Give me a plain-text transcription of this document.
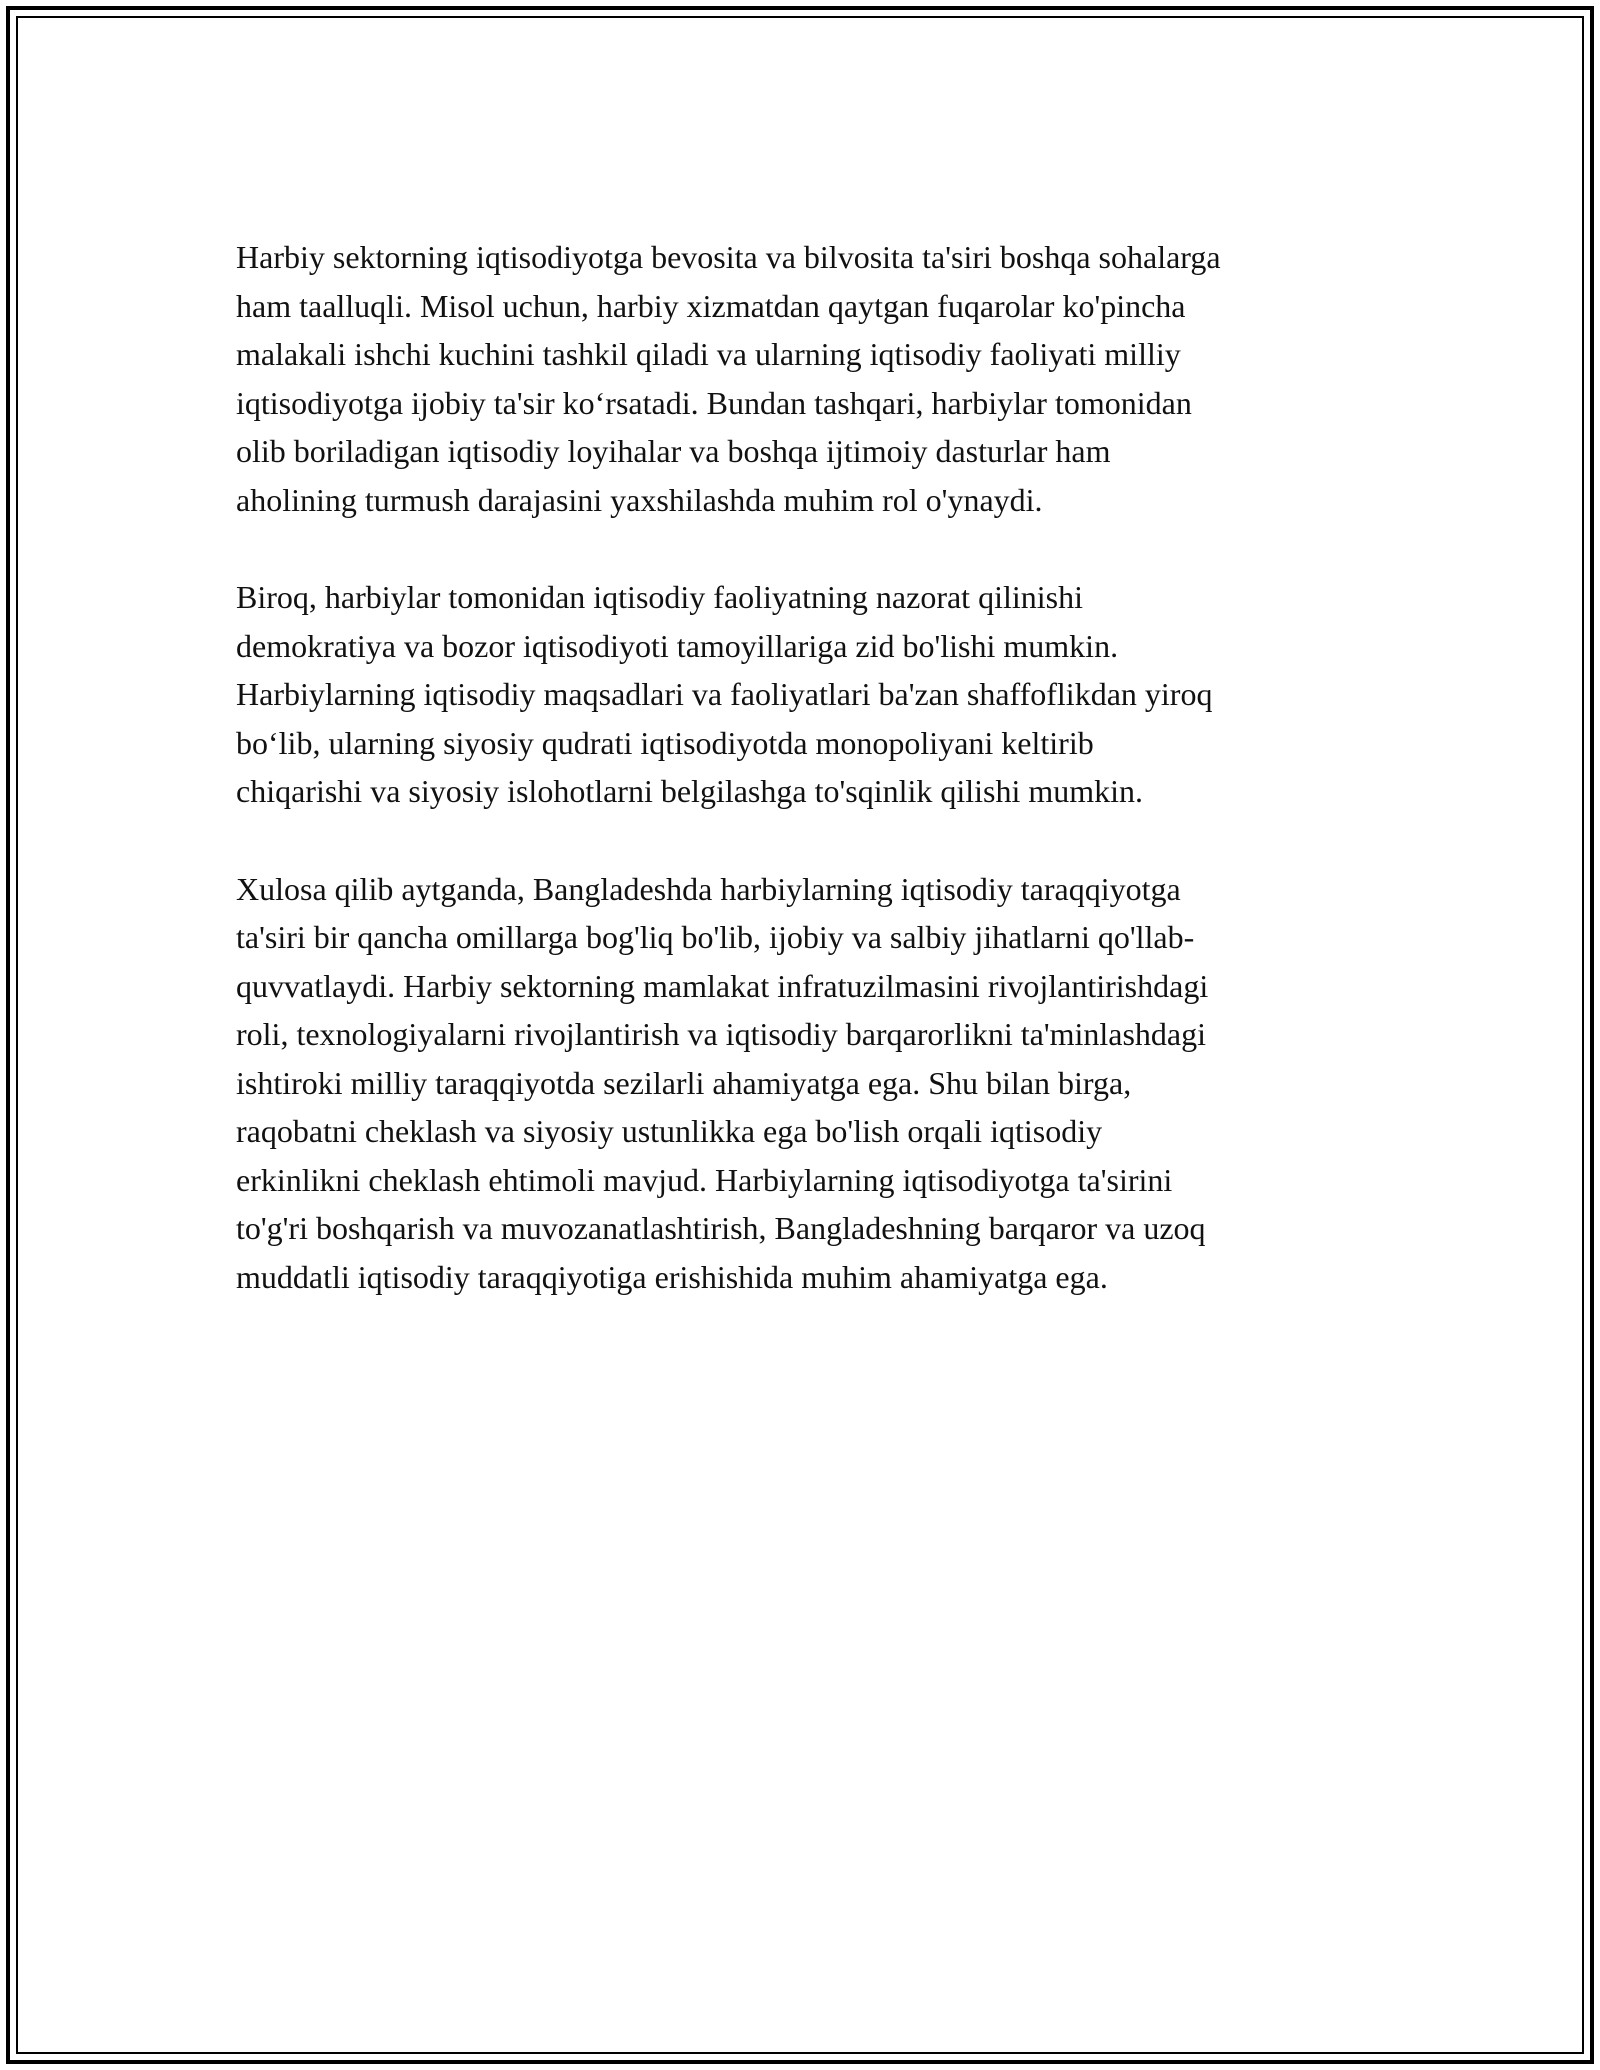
Harbiy sektorning iqtisodiyotga bevosita va bilvosita ta'siri boshqa sohalarga
ham taalluqli. Misol uchun, harbiy xizmatdan qaytgan fuqarolar ko'pincha
malakali ishchi kuchini tashkil qiladi va ularning iqtisodiy faoliyati milliy
iqtisodiyotga ijobiy ta'sir ko‘rsatadi. Bundan tashqari, harbiylar tomonidan
olib boriladigan iqtisodiy loyihalar va boshqa ijtimoiy dasturlar ham
aholining turmush darajasini yaxshilashda muhim rol o'ynaydi.

Biroq, harbiylar tomonidan iqtisodiy faoliyatning nazorat qilinishi
demokratiya va bozor iqtisodiyoti tamoyillariga zid bo'lishi mumkin.
Harbiylarning iqtisodiy maqsadlari va faoliyatlari ba'zan shaffoflikdan yiroq
bo‘lib, ularning siyosiy qudrati iqtisodiyotda monopoliyani keltirib
chiqarishi va siyosiy islohotlarni belgilashga to'sqinlik qilishi mumkin.

Xulosa qilib aytganda, Bangladeshda harbiylarning iqtisodiy taraqqiyotga
ta'siri bir qancha omillarga bog'liq bo'lib, ijobiy va salbiy jihatlarni qo'llab-
quvvatlaydi. Harbiy sektorning mamlakat infratuzilmasini rivojlantirishdagi
roli, texnologiyalarni rivojlantirish va iqtisodiy barqarorlikni ta'minlashdagi
ishtiroki milliy taraqqiyotda sezilarli ahamiyatga ega. Shu bilan birga,
raqobatni cheklash va siyosiy ustunlikka ega bo'lish orqali iqtisodiy
erkinlikni cheklash ehtimoli mavjud. Harbiylarning iqtisodiyotga ta'sirini
to'g'ri boshqarish va muvozanatlashtirish, Bangladeshning barqaror va uzoq
muddatli iqtisodiy taraqqiyotiga erishishida muhim ahamiyatga ega.
